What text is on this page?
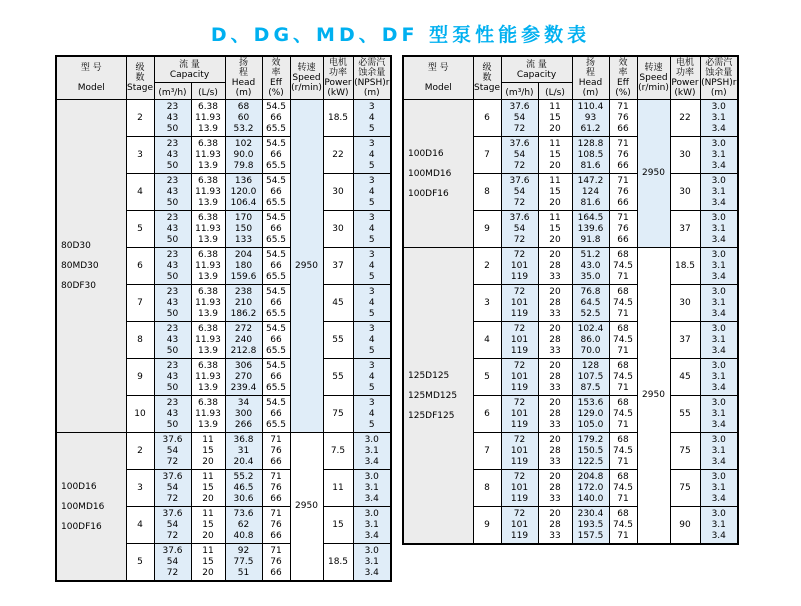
D、DG、MD、DF 型泵性能参数表
型 号

Model	级
数
Stage	流 量
Capacity		扬
程
Head
(m)	效
率
Eff
(%)	转速
Speed
(r/min)	电机
功率
Power
(kW)	必需汽
蚀余量
(NPSH)r
(m)
		(m³/h)	(L/s)					
80D30

80MD30

80DF30	2	23
43
50	6.38
11.93
13.9	68
60
53.2	54.5
66
65.5	2950	18.5	3
4
5
	3	23
43
50	6.38
11.93
13.9	102
90.0
79.8	54.5
66
65.5		22	3
4
5
	4	23
43
50	6.38
11.93
13.9	136
120.0
106.4	54.5
66
65.5		30	3
4
5
	5	23
43
50	6.38
11.93
13.9	170
150
133	54.5
66
65.5		30	3
4
5
	6	23
43
50	6.38
11.93
13.9	204
180
159.6	54.5
66
65.5		37	3
4
5
	7	23
43
50	6.38
11.93
13.9	238
210
186.2	54.5
66
65.5		45	3
4
5
	8	23
43
50	6.38
11.93
13.9	272
240
212.8	54.5
66
65.5		55	3
4
5
	9	23
43
50	6.38
11.93
13.9	306
270
239.4	54.5
66
65.5		55	3
4
5
	10	23
43
50	6.38
11.93
13.9	34
300
266	54.5
66
65.5		75	3
4
5
100D16

100MD16

100DF16	2	37.6
54
72	11
15
20	36.8
31
20.4	71
76
66	2950	7.5	3.0
3.1
3.4
	3	37.6
54
72	11
15
20	55.2
46.5
30.6	71
76
66		11	3.0
3.1
3.4
	4	37.6
54
72	11
15
20	73.6
62
40.8	71
76
66		15	3.0
3.1
3.4
	5	37.6
54
72	11
15
20	92
77.5
51	71
76
66		18.5	3.0
3.1
3.4
型 号

Model	级
数
Stage	流 量
Capacity		扬
程
Head
(m)	效
率
Eff
(%)	转速
Speed
(r/min)	电机
功率
Power
(kW)	必需汽
蚀余量
(NPSH)r
(m)
		(m³/h)	(L/s)					
100D16

100MD16

100DF16	6	37.6
54
72	11
15
20	110.4
93
61.2	71
76
66	2950	22	3.0
3.1
3.4
	7	37.6
54
72	11
15
20	128.8
108.5
81.6	71
76
66		30	3.0
3.1
3.4
	8	37.6
54
72	11
15
20	147.2
124
81.6	71
76
66		30	3.0
3.1
3.4
	9	37.6
54
72	11
15
20	164.5
139.6
91.8	71
76
66		37	3.0
3.1
3.4
125D125

125MD125

125DF125	2	72
101
119	20
28
33	51.2
43.0
35.0	68
74.5
71	2950	18.5	3.0
3.1
3.4
	3	72
101
119	20
28
33	76.8
64.5
52.5	68
74.5
71		30	3.0
3.1
3.4
	4	72
101
119	20
28
33	102.4
86.0
70.0	68
74.5
71		37	3.0
3.1
3.4
	5	72
101
119	20
28
33	128
107.5
87.5	68
74.5
71		45	3.0
3.1
3.4
	6	72
101
119	20
28
33	153.6
129.0
105.0	68
74.5
71		55	3.0
3.1
3.4
	7	72
101
119	20
28
33	179.2
150.5
122.5	68
74.5
71		75	3.0
3.1
3.4
	8	72
101
119	20
28
33	204.8
172.0
140.0	68
74.5
71		75	3.0
3.1
3.4
	9	72
101
119	20
28
33	230.4
193.5
157.5	68
74.5
71		90	3.0
3.1
3.4
